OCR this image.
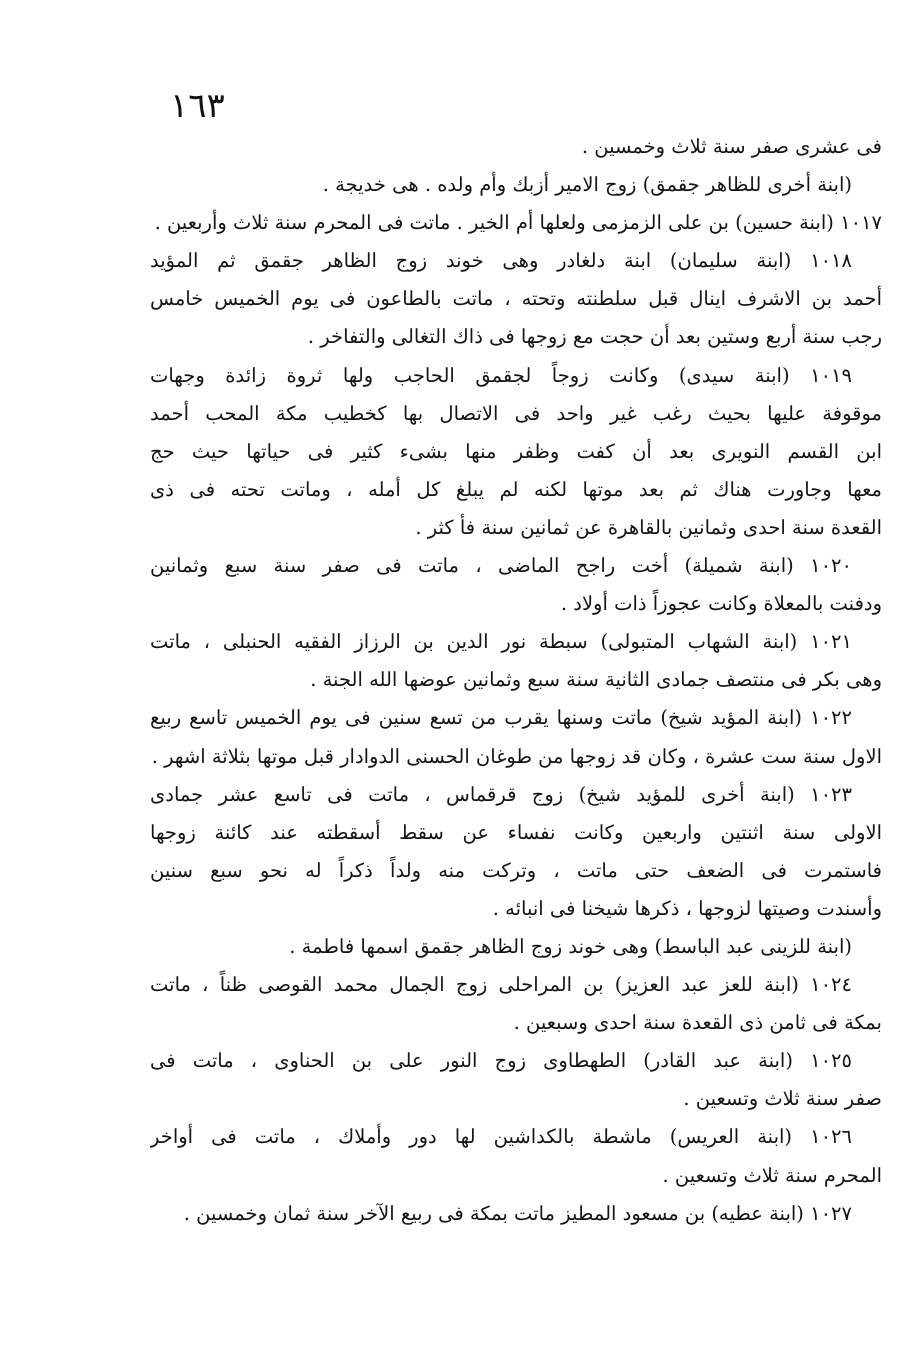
١٦٣
فى عشرى صفر سنة ثلاث وخمسين .
(ابنة أخرى للظاهر جقمق) زوج الامير أزبك وأم ولده . هى خديجة .
١٠١٧ (ابنة حسين) بن على الزمزمى ولعلها أم الخير . ماتت فى المحرم سنة ثلاث وأربعين .
١٠١٨ (ابنة سليمان) ابنة دلغادر وهى خوند زوج الظاهر جقمق ثم المؤيد
أحمد بن الاشرف اينال قبل سلطنته وتحته ، ماتت بالطاعون فى يوم الخميس خامس
رجب سنة أربع وستين بعد أن حجت مع زوجها فى ذاك التغالى والتفاخر .
١٠١٩ (ابنة سيدى) وكانت زوجاً لجقمق الحاجب ولها ثروة زائدة وجهات
موقوفة عليها بحيث رغب غير واحد فى الاتصال بها كخطيب مكة المحب أحمد
ابن القسم النويرى بعد أن كفت وظفر منها بشىء كثير فى حياتها حيث حج
معها وجاورت هناك ثم بعد موتها لكنه لم يبلغ كل أمله ، وماتت تحته فى ذى
القعدة سنة احدى وثمانين بالقاهرة عن ثمانين سنة فأ كثر .
١٠٢٠ (ابنة شميلة) أخت راجح الماضى ، ماتت فى صفر سنة سبع وثمانين
ودفنت بالمعلاة وكانت عجوزاً ذات أولاد .
١٠٢١ (ابنة الشهاب المتبولى) سبطة نور الدين بن الرزاز الفقيه الحنبلى ، ماتت
وهى بكر فى منتصف جمادى الثانية سنة سبع وثمانين عوضها الله الجنة .
١٠٢٢ (ابنة المؤيد شيخ) ماتت وسنها يقرب من تسع سنين فى يوم الخميس تاسع ربيع
الاول سنة ست عشرة ، وكان قد زوجها من طوغان الحسنى الدوادار قبل موتها بثلاثة اشهر .
١٠٢٣ (ابنة أخرى للمؤيد شيخ) زوج قرقماس ، ماتت فى تاسع عشر جمادى
الاولى سنة اثنتين واربعين وكانت نفساء عن سقط أسقطته عند كائنة زوجها
فاستمرت فى الضعف حتى ماتت ، وتركت منه ولداً ذكراً له نحو سبع سنين
وأسندت وصيتها لزوجها ، ذكرها شيخنا فى انبائه .
(ابنة للزينى عبد الباسط) وهى خوند زوج الظاهر جقمق اسمها فاطمة .
١٠٢٤ (ابنة للعز عبد العزيز) بن المراحلى زوج الجمال محمد القوصى ظناً ، ماتت
بمكة فى ثامن ذى القعدة سنة احدى وسبعين .
١٠٢٥ (ابنة عبد القادر) الطهطاوى زوج النور على بن الحناوى ، ماتت فى
صفر سنة ثلاث وتسعين .
١٠٢٦ (ابنة العريس) ماشطة بالكداشين لها دور وأملاك ، ماتت فى أواخر
المحرم سنة ثلاث وتسعين .
١٠٢٧ (ابنة عطيه) بن مسعود المطيز ماتت بمكة فى ربيع الآخر سنة ثمان وخمسين .
